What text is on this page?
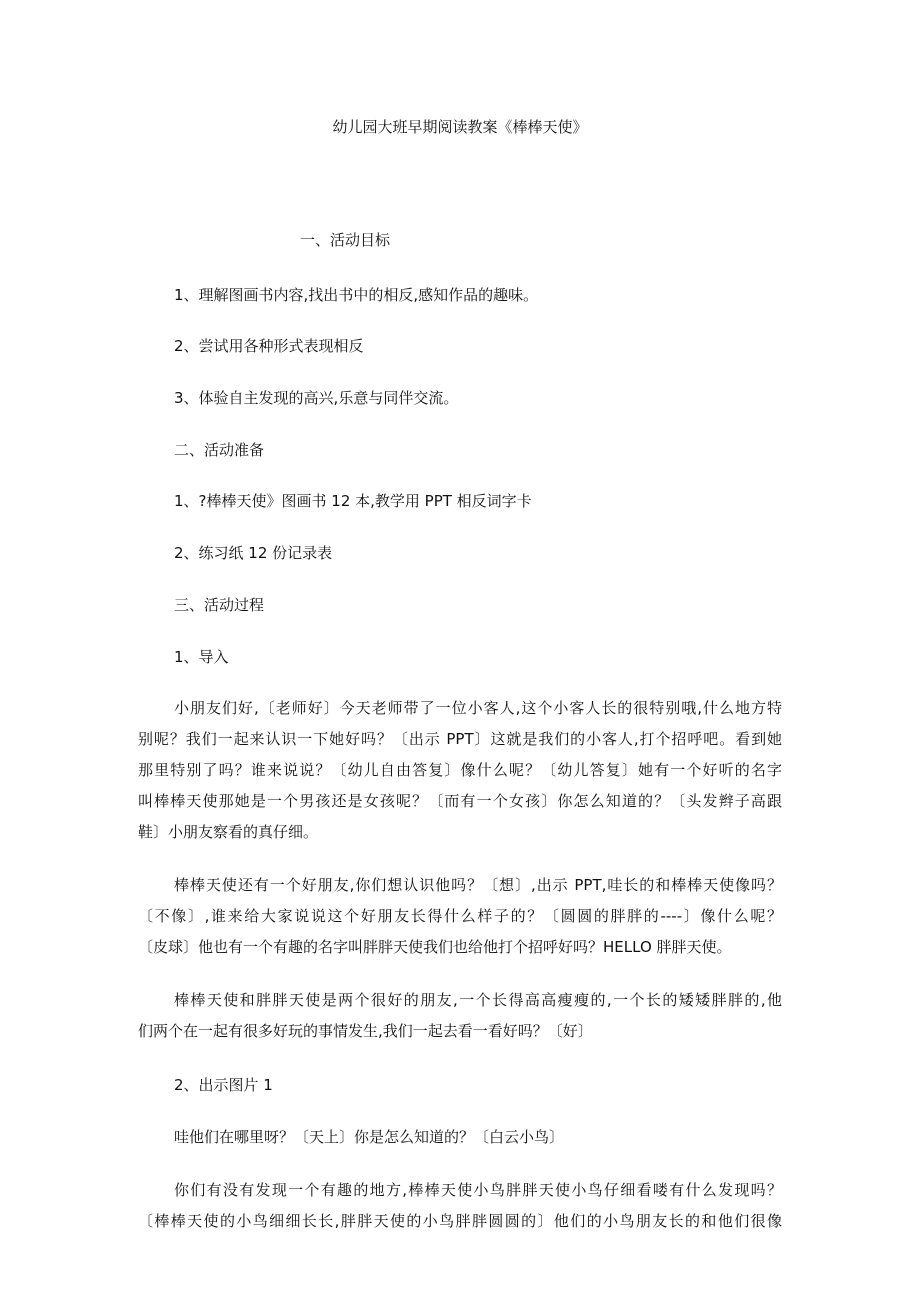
幼儿园大班早期阅读教案《棒棒天使》
一、活动目标
1、理解图画书内容,找出书中的相反,感知作品的趣味。
2、尝试用各种形式表现相反
3、体验自主发现的高兴,乐意与同伴交流。
二、活动准备
1、?棒棒天使》图画书 12 本,教学用 PPT 相反词字卡
2、练习纸 12 份记录表
三、活动过程
1、导入
小朋友们好,〔老师好〕今天老师带了一位小客人,这个小客人长的很特别哦,什么地方特
别呢？我们一起来认识一下她好吗？〔出示 PPT〕这就是我们的小客人,打个招呼吧。看到她
那里特别了吗？谁来说说？〔幼儿自由答复〕像什么呢？〔幼儿答复〕她有一个好听的名字
叫棒棒天使那她是一个男孩还是女孩呢？〔而有一个女孩〕你怎么知道的？〔头发辫子高跟
鞋〕小朋友察看的真仔细。
棒棒天使还有一个好朋友,你们想认识他吗？〔想〕,出示 PPT,哇长的和棒棒天使像吗？
〔不像〕,谁来给大家说说这个好朋友长得什么样子的？〔圆圆的胖胖的----〕像什么呢？
〔皮球〕他也有一个有趣的名字叫胖胖天使我们也给他打个招呼好吗？HELLO 胖胖天使。
棒棒天使和胖胖天使是两个很好的朋友,一个长得高高瘦瘦的,一个长的矮矮胖胖的,他
们两个在一起有很多好玩的事情发生,我们一起去看一看好吗？〔好〕
2、出示图片 1
哇他们在哪里呀？〔天上〕你是怎么知道的？〔白云小鸟〕
你们有没有发现一个有趣的地方,棒棒天使小鸟胖胖天使小鸟仔细看喽有什么发现吗？
〔棒棒天使的小鸟细细长长,胖胖天使的小鸟胖胖圆圆的〕他们的小鸟朋友长的和他们很像
